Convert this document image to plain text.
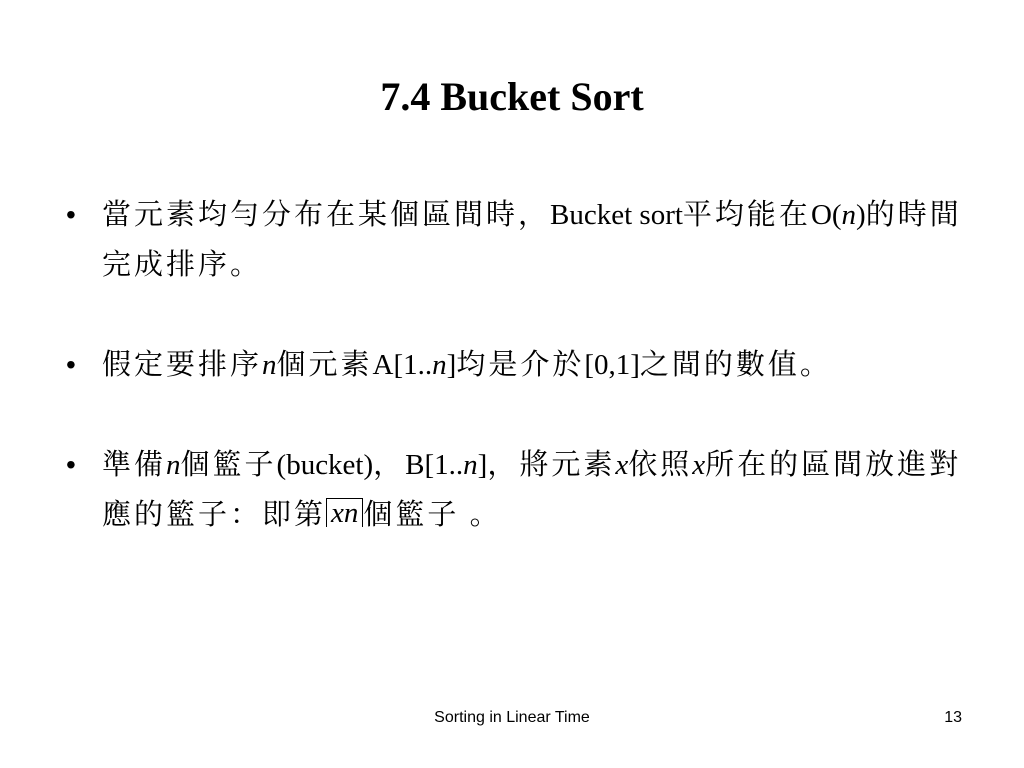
7.4 Bucket Sort
• 當元素均勻分布在某個區間時，Bucket sort平均能在O(n)的時間完成排序。
• 假定要排序n個元素A[1..n]均是介於[0,1]之間的數值。
• 準備n個籃子(bucket)，B[1..n]，將元素x依照x所在的區間放進對應的籃子：即第 xn 個籃子 。
Sorting in Linear Time	13
